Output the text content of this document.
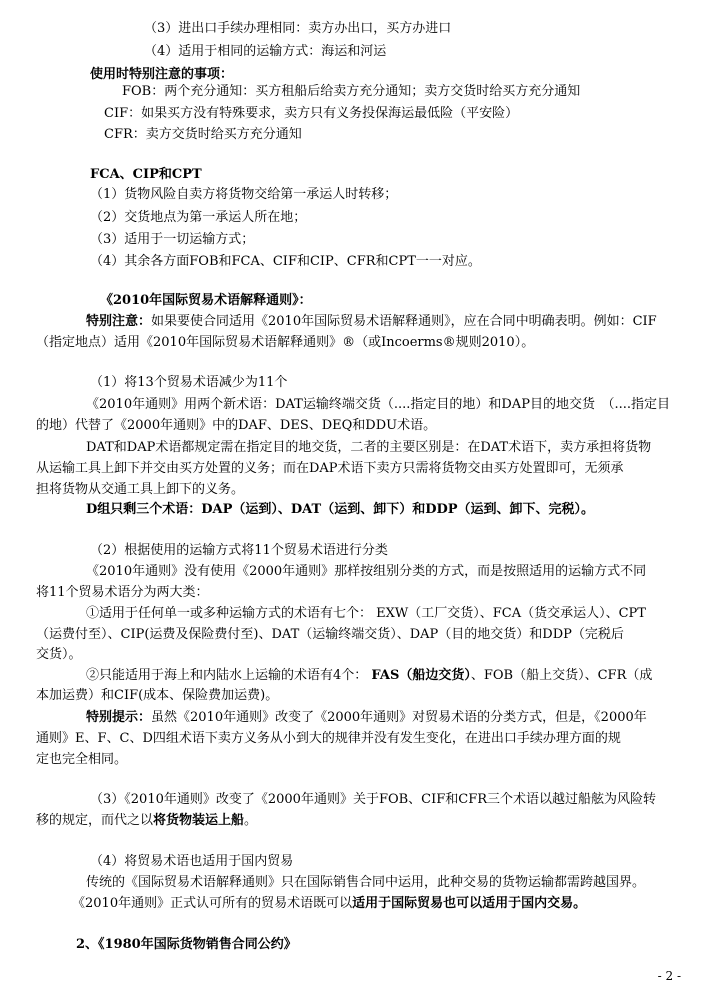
（3）进出口手续办理相同：卖方办出口，买方办进口
（4）适用于相同的运输方式：海运和河运
使用时特别注意的事项：
FOB：两个充分通知：买方租船后给卖方充分通知；卖方交货时给买方充分通知
CIF：如果买方没有特殊要求，卖方只有义务投保海运最低险（平安险）
CFR：卖方交货时给买方充分通知
FCA、CIP和CPT
（1）货物风险自卖方将货物交给第一承运人时转移；
（2）交货地点为第一承运人所在地；
（3）适用于一切运输方式；
（4）其余各方面FOB和FCA、CIF和CIP、CFR和CPT一一对应。
《2010年国际贸易术语解释通则》：
特别注意：如果要使合同适用《2010年国际贸易术语解释通则》，应在合同中明确表明。例如：CIF
（指定地点）适用《2010年国际贸易术语解释通则》®（或Incoerms®规则2010）。
（1）将13个贸易术语减少为11个
《2010年通则》用两个新术语：DAT运输终端交货（....指定目的地）和DAP目的地交货　（....指定目
的地）代替了《2000年通则》中的DAF、DES、DEQ和DDU术语。
DAT和DAP术语都规定需在指定目的地交货，二者的主要区别是：在DAT术语下，卖方承担将货物
从运输工具上卸下并交由买方处置的义务；而在DAP术语下卖方只需将货物交由买方处置即可，无须承
担将货物从交通工具上卸下的义务。
D组只剩三个术语：DAP（运到）、DAT（运到、卸下）和DDP（运到、卸下、完税）。
（2）根据使用的运输方式将11个贸易术语进行分类
《2010年通则》没有使用《2000年通则》那样按组别分类的方式，而是按照适用的运输方式不同
将11个贸易术语分为两大类：
①适用于任何单一或多种运输方式的术语有七个： EXW（工厂交货）、FCA（货交承运人）、CPT
（运费付至）、CIP(运费及保险费付至)、DAT（运输终端交货）、DAP（目的地交货）和DDP（完税后
交货）。
②只能适用于海上和内陆水上运输的术语有4个： FAS（船边交货）、FOB（船上交货）、CFR（成
本加运费）和CIF(成本、保险费加运费)。
特别提示：虽然《2010年通则》改变了《2000年通则》对贸易术语的分类方式，但是，《2000年
通则》E、F、C、D四组术语下卖方义务从小到大的规律并没有发生变化，在进出口手续办理方面的规
定也完全相同。
（3）《2010年通则》改变了《2000年通则》关于FOB、CIF和CFR三个术语以越过船舷为风险转
移的规定，而代之以将货物装运上船。
（4）将贸易术语也适用于国内贸易
传统的《国际贸易术语解释通则》只在国际销售合同中运用，此种交易的货物运输都需跨越国界。
《2010年通则》正式认可所有的贸易术语既可以适用于国际贸易也可以适用于国内交易。
2、《1980年国际货物销售合同公约》
- 2 -
